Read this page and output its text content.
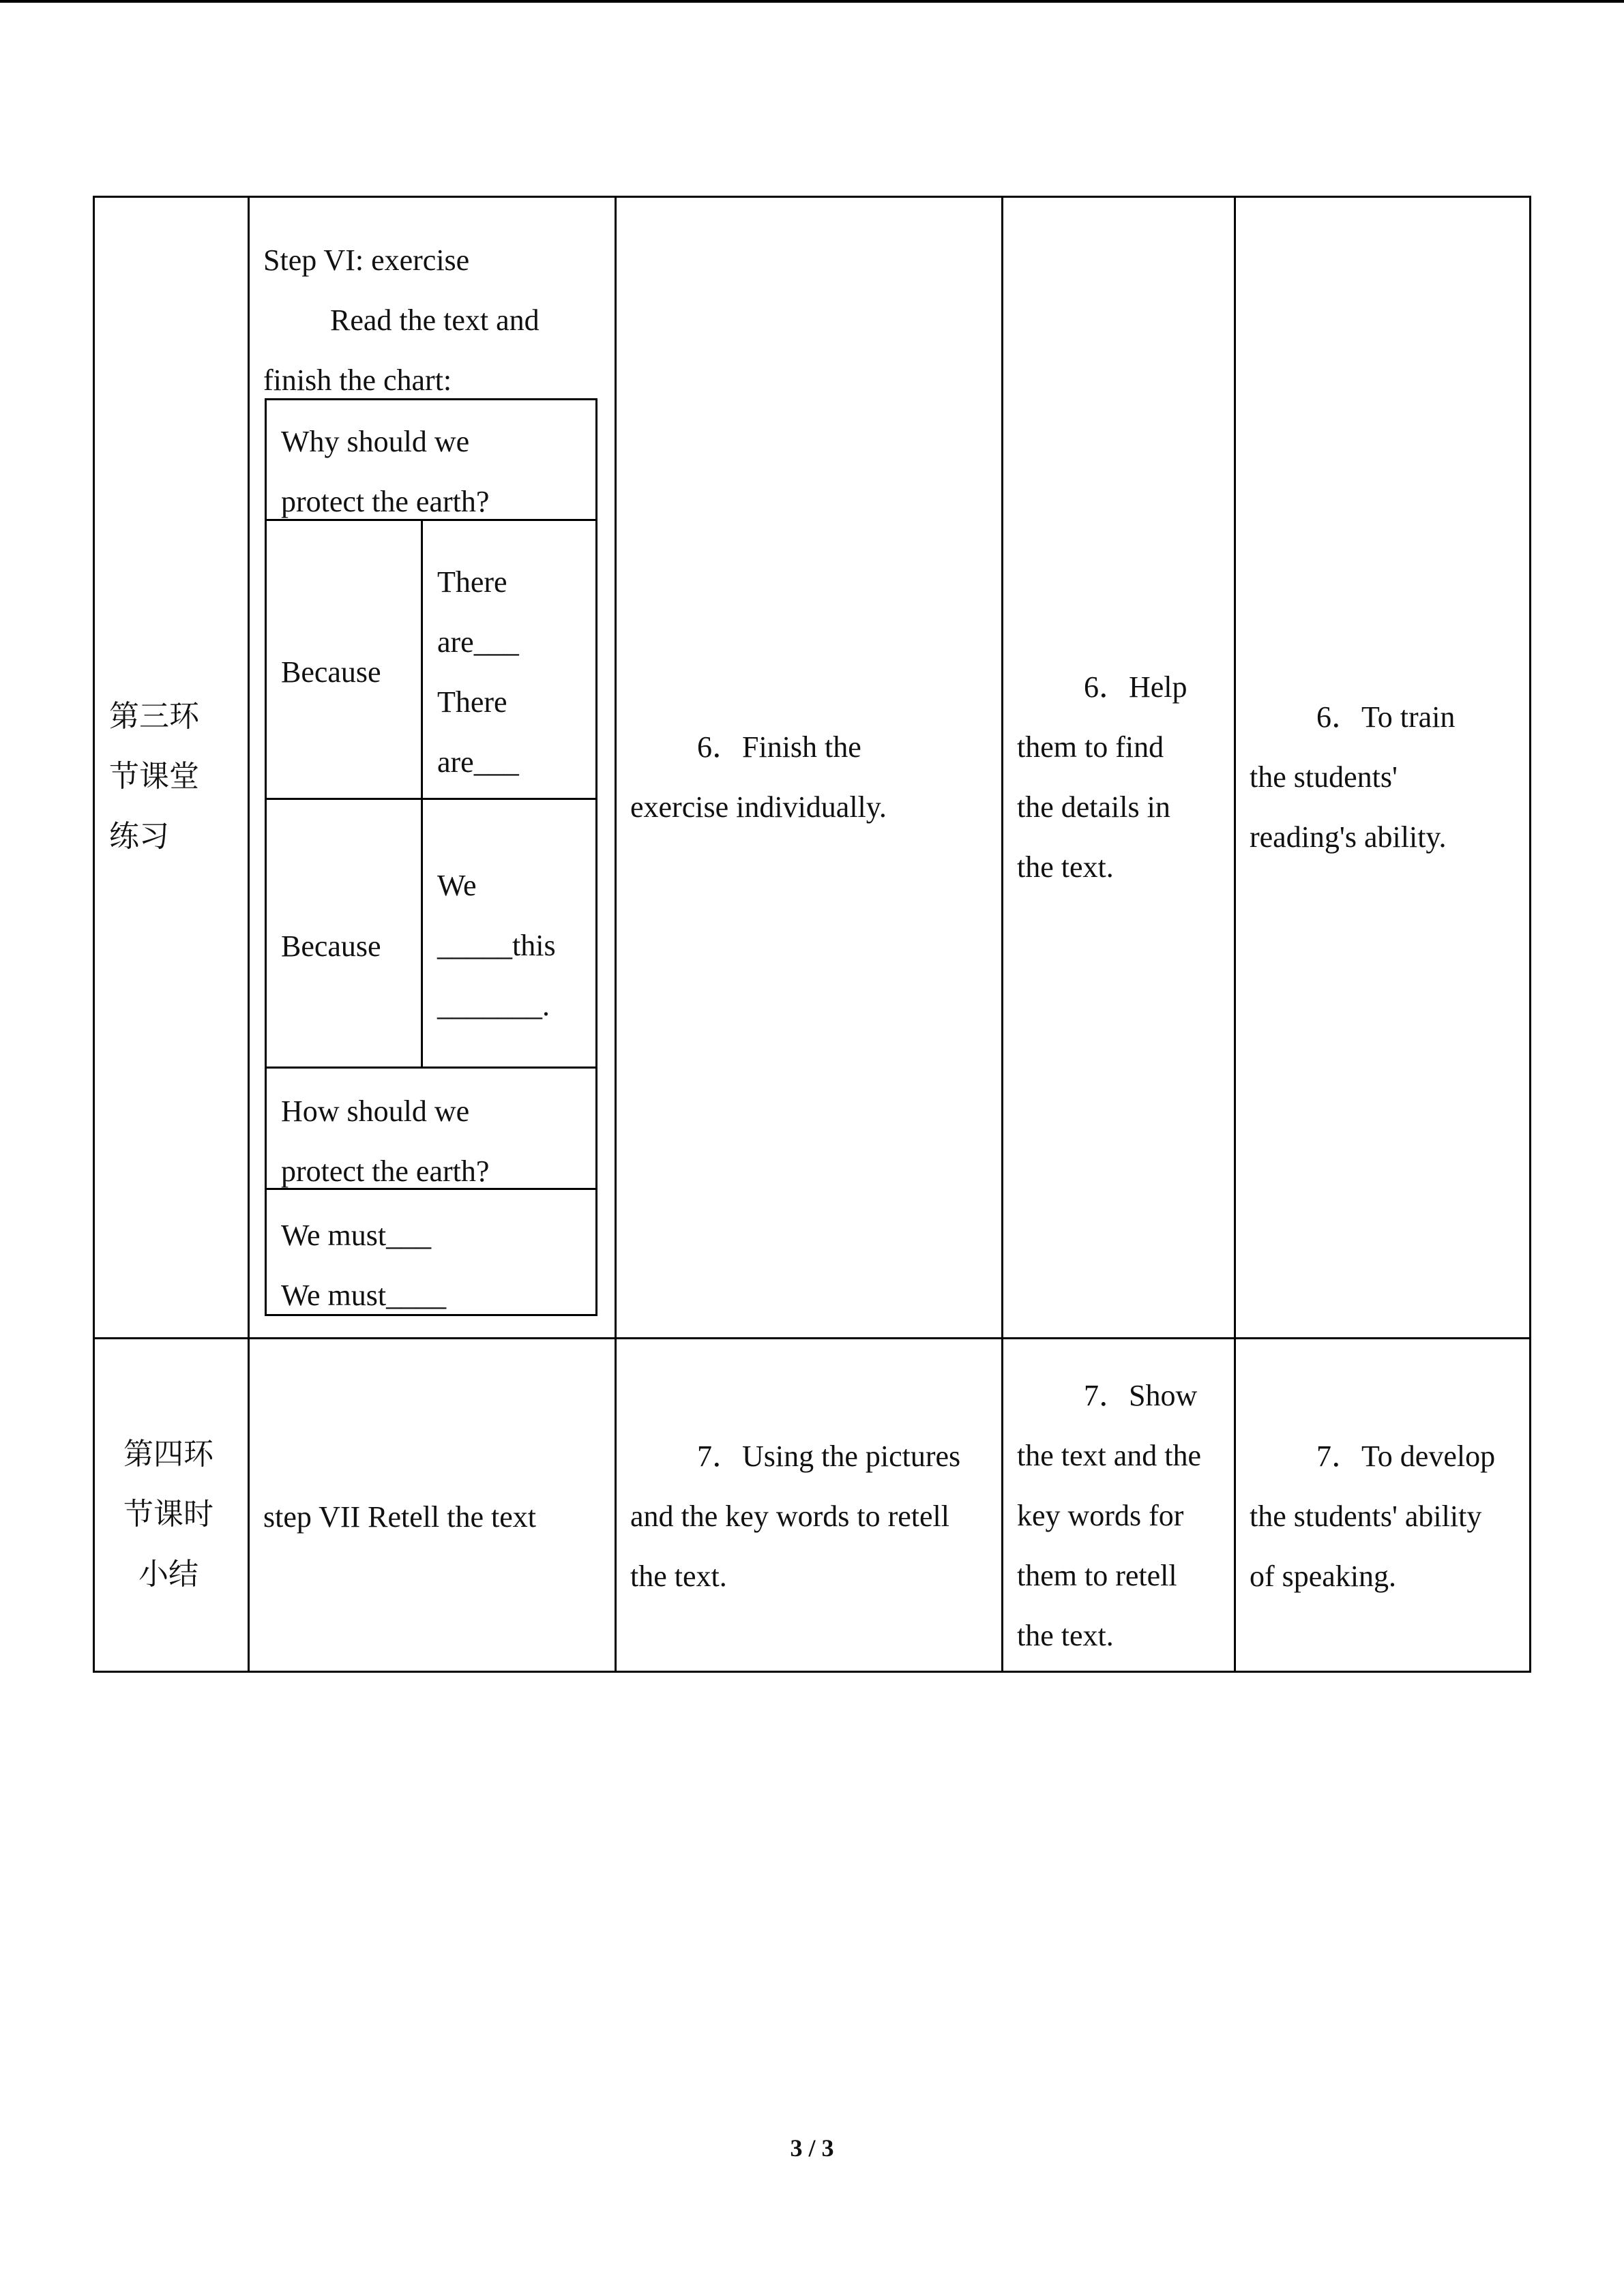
第三环

节课堂

练习

Step VI: exercise

Read the text and

finish the chart:

Why should we

protect the earth?

Because

There

are___

There

are___

Because

We

_____this

_______.

How should we

protect the earth?

We must___

We must____

6．Finish the

exercise individually.

6．Help

them to find

the details in

the text.

6．To train

the students'

reading's ability.

第四环

节课时

小结

step VII Retell the text

7．Using the pictures

and the key words to retell

the text.

7．Show

the text and the

key words for

them to retell

the text.

7．To develop

the students' ability

of speaking.

3 / 3
